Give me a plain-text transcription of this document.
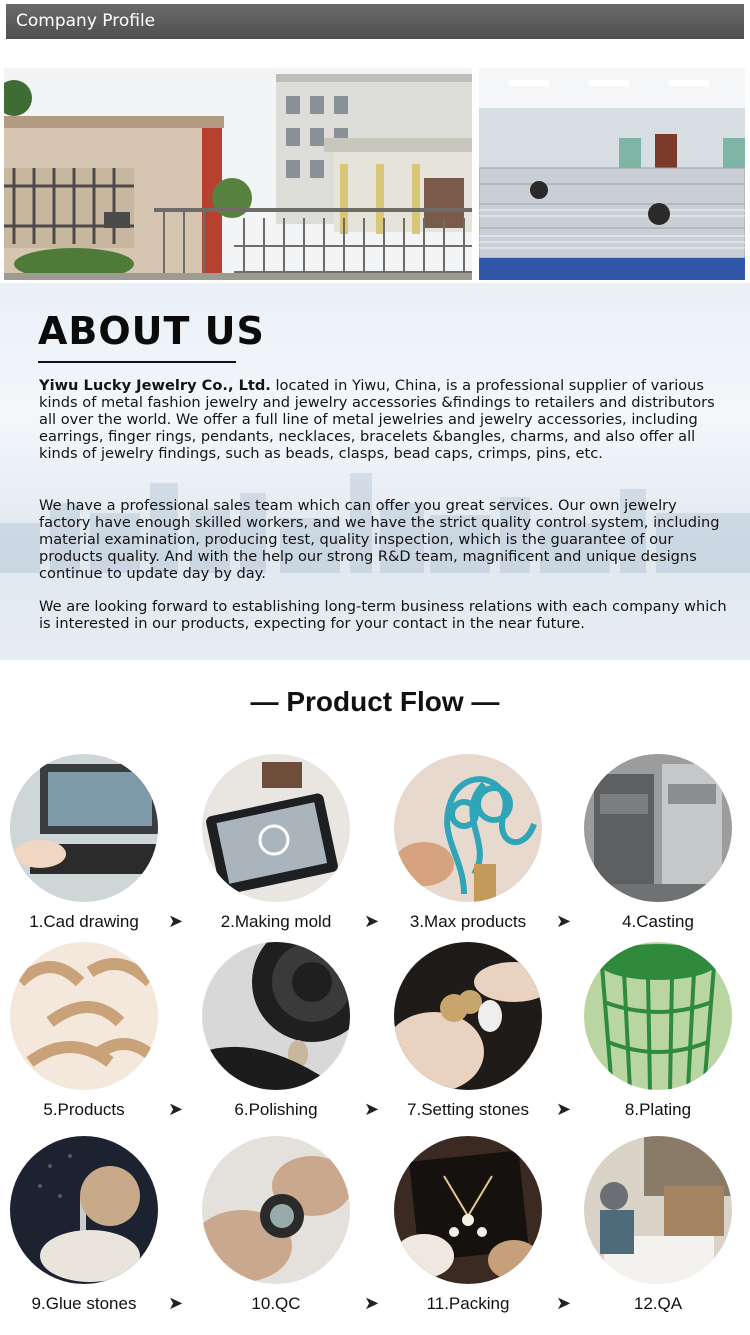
Company Profile
ABOUT US
Yiwu Lucky Jewelry Co., Ltd. located in Yiwu, China, is a professional supplier of various kinds of metal fashion jewelry and jewelry accessories &findings to retailers and distributors all over the world. We offer a full line of metal jewelries and jewelry accessories, including earrings, finger rings, pendants, necklaces, bracelets &bangles, charms, and also offer all kinds of jewelry findings, such as beads, clasps, bead caps, crimps, pins, etc.
We have a professional sales team which can offer you great services. Our own jewelry factory have enough skilled workers, and we have the strict quality control system, including material examination, producing test, quality inspection, which is the guarantee of our products quality. And with the help our strong R&D team, magnificent and unique designs continue to update day by day.
We are looking forward to establishing long-term business relations with each company which is interested in our products, expecting for your contact in the near future.
— Product Flow —
1.Cad drawing	➤	2.Making mold	➤	3.Max products	➤	4.Casting
5.Products	➤	6.Polishing	➤	7.Setting stones	➤	8.Plating
9.Glue stones	➤	10.QC	➤	11.Packing	➤	12.QA
